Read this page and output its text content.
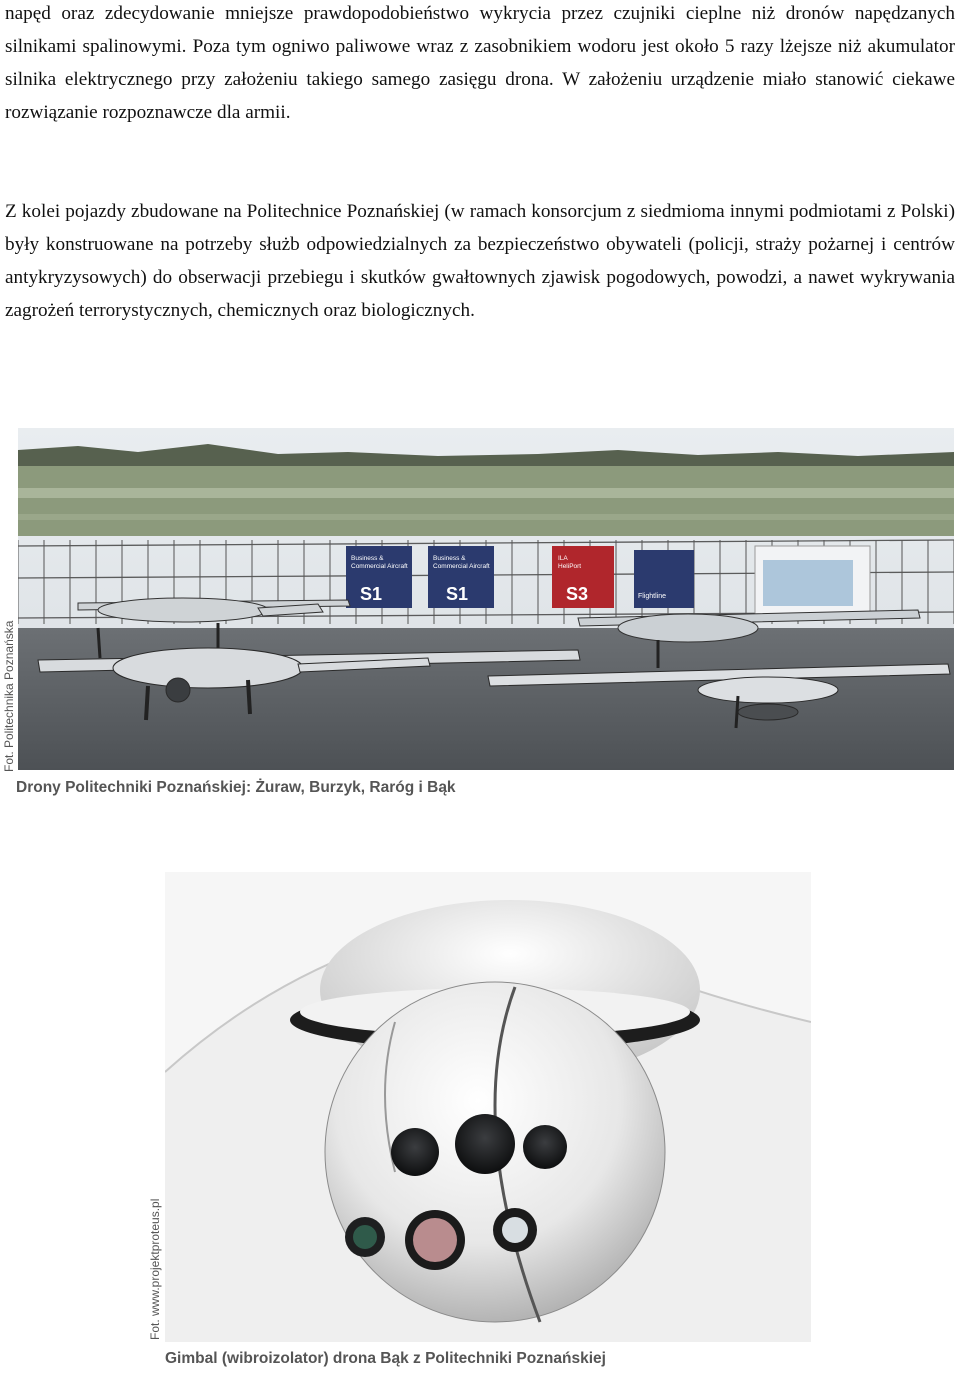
napęd oraz zdecydowanie mniejsze prawdopodobieństwo wykrycia przez czujniki cieplne niż dronów napędzanych silnikami spalinowymi. Poza tym ogniwo paliwowe wraz z zasobnikiem wodoru jest około 5 razy lżejsze niż akumulator silnika elektrycznego przy założeniu takiego samego zasięgu drona. W założeniu urządzenie miało stanowić ciekawe rozwiązanie rozpoznawcze dla armii.

Z kolei pojazdy zbudowane na Politechnice Poznańskiej (w ramach konsorcjum z siedmioma innymi podmiotami z Polski) były konstruowane na potrzeby służb odpowiedzialnych za bezpieczeństwo obywateli (policji, straży pożarnej i centrów antykryzysowych) do obserwacji przebiegu i skutków gwałtownych zjawisk pogodowych, powodzi, a nawet wykrywania zagrożeń terrorystycznych, chemicznych oraz biologicznych.

Business &
Commercial Aircraft
S1
Business &
Commercial Aircraft
S1
ILA
HeliPort
S3	Flightline
Fot. Politechnika Poznańska
Drony Politechniki Poznańskiej: Żuraw, Burzyk, Raróg i Bąk
Fot. www.projektproteus.pl
Gimbal (wibroizolator) drona Bąk z Politechniki Poznańskiej
